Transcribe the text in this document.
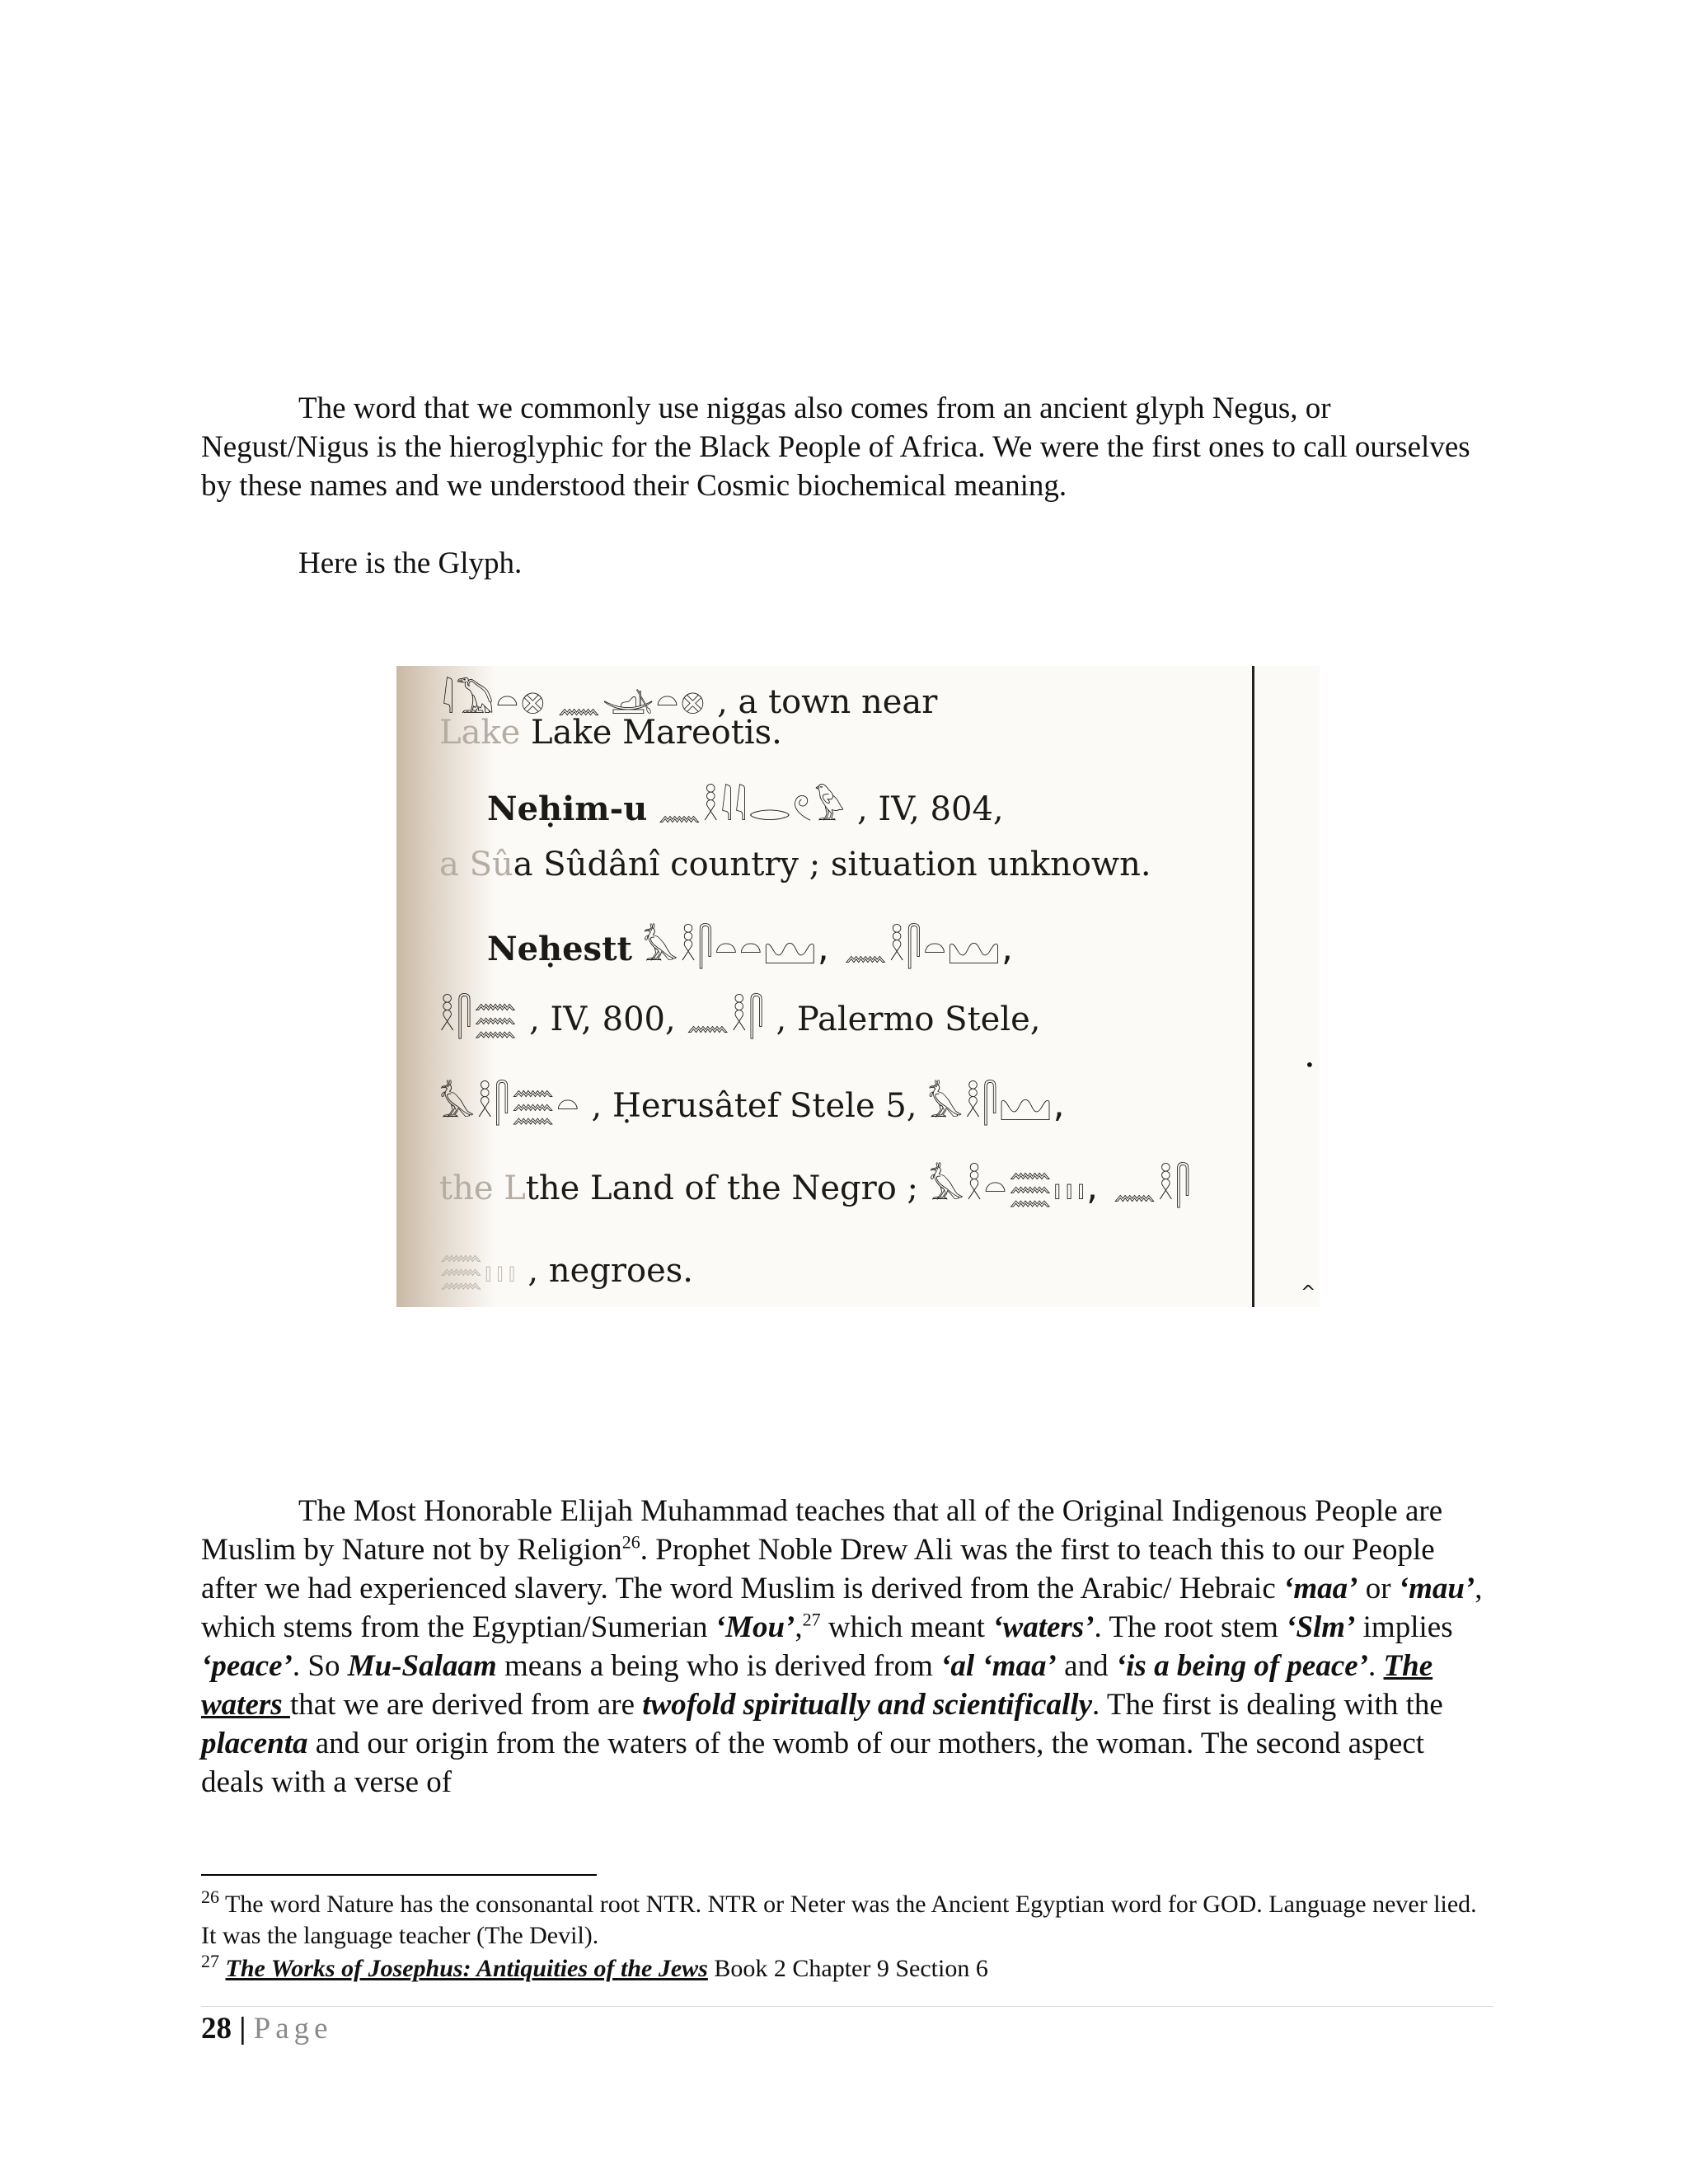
The word that we commonly use niggas also comes from an ancient glyph Negus, or Negust/Nigus is the hieroglyphic for the Black People of Africa. We were the first ones to call ourselves by these names and we understood their Cosmic biochemical meaning.

Here is the Glyph.

𓇋𓅐𓏏𓊖 𓈖𓊛𓏏𓊖 , a town near
Lake Lake Mareotis.
Neḥim-u 𓈖𓎛𓇋𓇋𓂋𓏲𓅱 , IV, 804,
a Sûa Sûdânî country ; situation unknown.
Neḥestt 𓅘𓎛𓋴𓏏𓏏𓈉, 𓈖𓎛𓋴𓏏𓈉,
𓎛𓋴𓈗 , IV, 800, 𓈖𓎛𓋴 , Palermo Stele,
𓅘𓎛𓋴𓈗𓏏 , Ḥerusâtef Stele 5, 𓅘𓎛𓋴𓈉,
the Lthe Land of the Negro ; 𓅘𓎛𓏏𓈗𓏥, 𓈖𓎛𓋴
𓈗𓏥 , negroes.
•
^

The Most Honorable Elijah Muhammad teaches that all of the Original Indigenous People are Muslim by Nature not by Religion$^{26}$. Prophet Noble Drew Ali was the first to teach this to our People after we had experienced slavery. The word Muslim is derived from the Arabic/ Hebraic ‘maa’ or ‘mau’, which stems from the Egyptian/Sumerian ‘Mou’,$^{27}$ which meant ‘waters’. The root stem ‘Slm’ implies ‘peace’. So Mu-Salaam means a being who is derived from ‘al ‘maa’ and ‘is a being of peace’. The waters that we are derived from are twofold spiritually and scientifically. The first is dealing with the placenta and our origin from the waters of the womb of our mothers, the woman. The second aspect deals with a verse of

$^{26}$ The word Nature has the consonantal root NTR. NTR or Neter was the Ancient Egyptian word for GOD. Language never lied. It was the language teacher (The Devil).

$^{27}$ The Works of Josephus: Antiquities of the Jews Book 2 Chapter 9 Section 6

28 | Page
